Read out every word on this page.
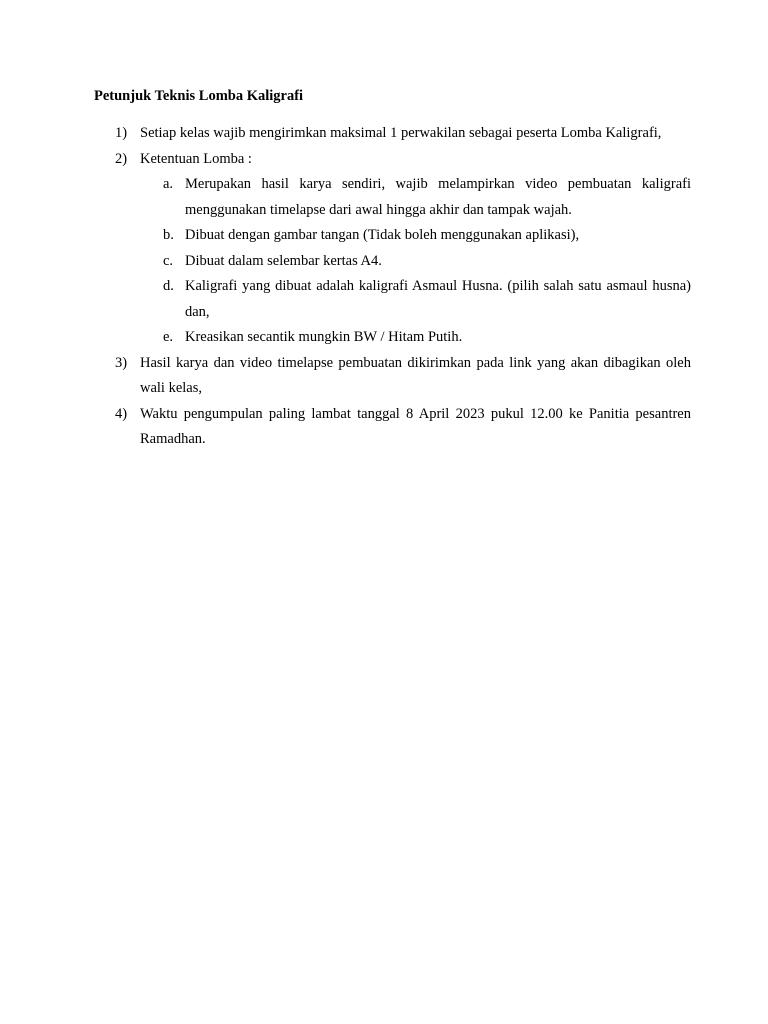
Petunjuk Teknis Lomba Kaligrafi
1) Setiap kelas wajib mengirimkan maksimal 1 perwakilan sebagai peserta Lomba Kaligrafi,
2) Ketentuan Lomba :
a. Merupakan hasil karya sendiri, wajib melampirkan video pembuatan kaligrafi menggunakan timelapse dari awal hingga akhir dan tampak wajah.
b. Dibuat dengan gambar tangan (Tidak boleh menggunakan aplikasi),
c. Dibuat dalam selembar kertas A4.
d. Kaligrafi yang dibuat adalah kaligrafi Asmaul Husna. (pilih salah satu asmaul husna) dan,
e. Kreasikan secantik mungkin BW / Hitam Putih.
3) Hasil karya dan video timelapse pembuatan dikirimkan pada link yang akan dibagikan oleh wali kelas,
4) Waktu pengumpulan paling lambat tanggal 8 April 2023 pukul 12.00 ke Panitia pesantren Ramadhan.
